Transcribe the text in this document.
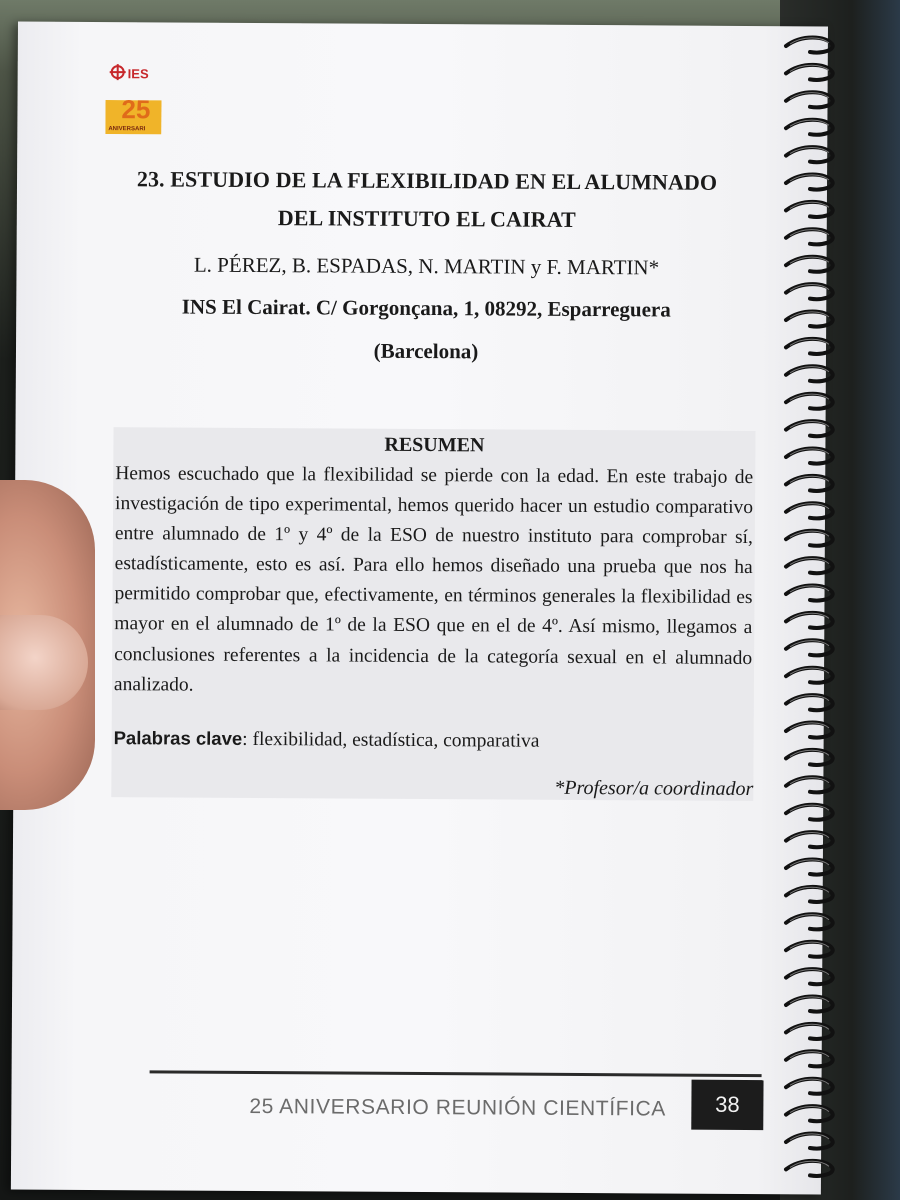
IES
25
ANIVERSARI
23. ESTUDIO DE LA FLEXIBILIDAD EN EL ALUMNADO
DEL INSTITUTO EL CAIRAT
L. PÉREZ, B. ESPADAS, N. MARTIN y F. MARTIN*
INS El Cairat. C/ Gorgonçana, 1, 08292, Esparreguera
(Barcelona)
RESUMEN
Hemos escuchado que la flexibilidad se pierde con la edad. En este trabajo de investigación de tipo experimental, hemos querido hacer un estudio comparativo entre alumnado de 1º y 4º de la ESO de nuestro instituto para comprobar sí, estadísticamente, esto es así. Para ello hemos diseñado una prueba que nos ha permitido comprobar que, efectivamente, en términos generales la flexibilidad es mayor en el alumnado de 1º de la ESO que en el de 4º. Así mismo, llegamos a conclusiones referentes a la incidencia de la categoría sexual en el alumnado analizado.
Palabras clave: flexibilidad, estadística, comparativa
*Profesor/a coordinador
25 ANIVERSARIO REUNIÓN CIENTÍFICA	38
